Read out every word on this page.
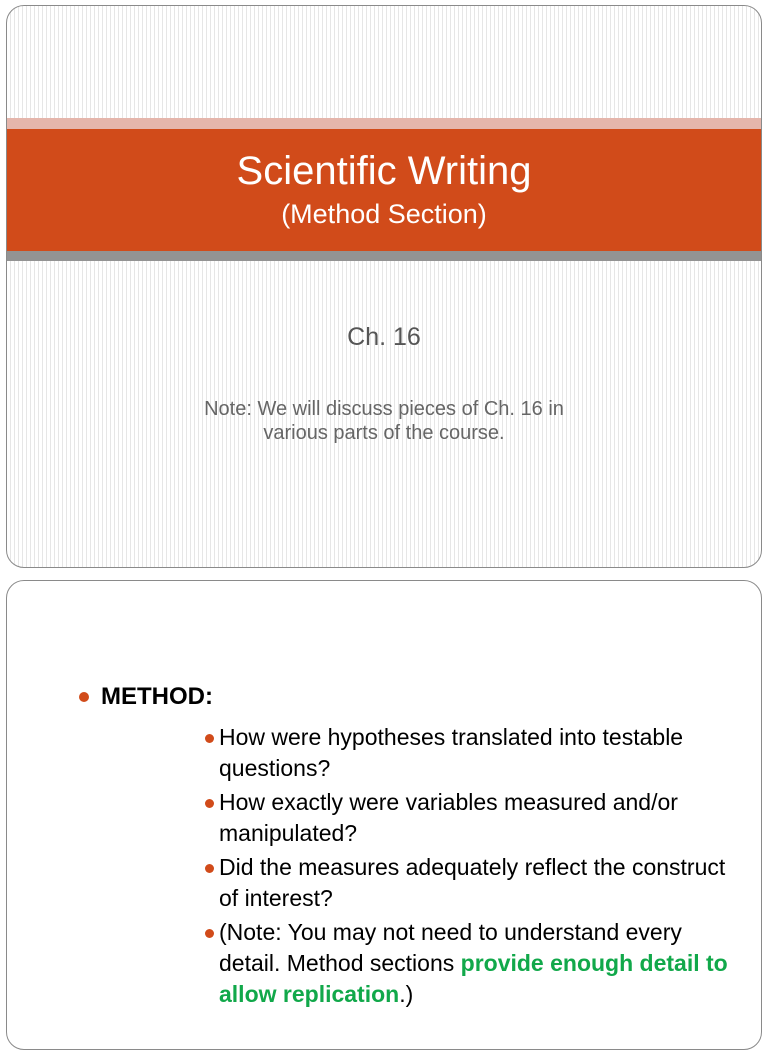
Scientific Writing
(Method Section)
Ch. 16
Note: We will discuss pieces of Ch. 16 in
various parts of the course.
METHOD:
How were hypotheses translated into testable questions?
How exactly were variables measured and/or manipulated?
Did the measures adequately reflect the construct of interest?
(Note: You may not need to understand every detail. Method sections provide enough detail to allow replication.)
